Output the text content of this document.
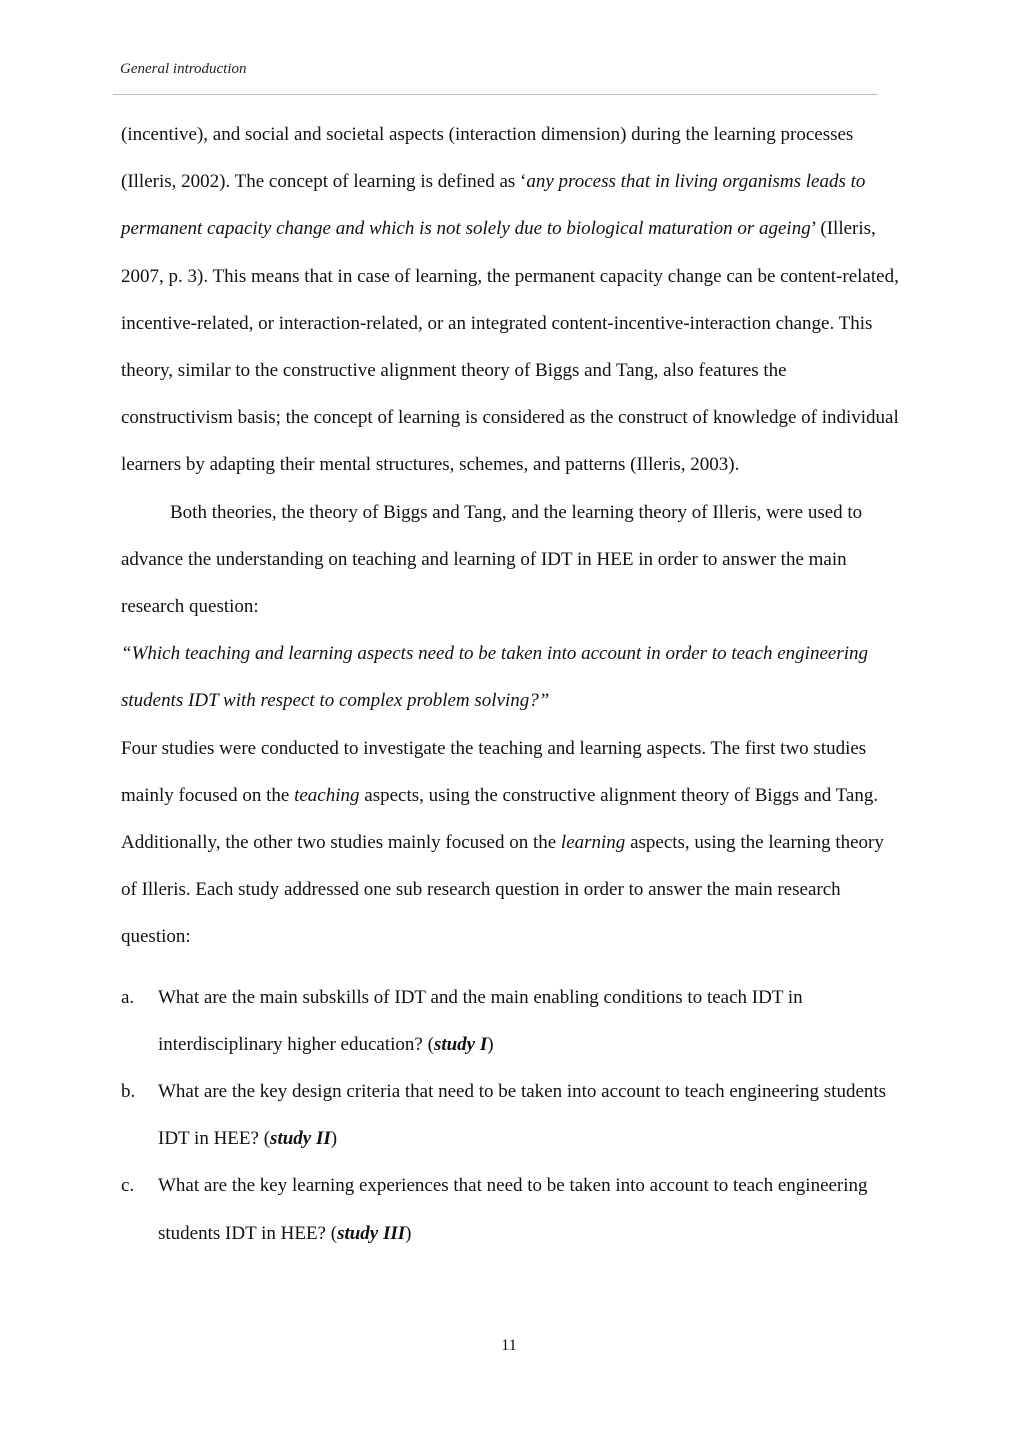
General introduction

(incentive), and social and societal aspects (interaction dimension) during the learning processes (Illeris, 2002). The concept of learning is defined as ‘any process that in living organisms leads to permanent capacity change and which is not solely due to biological maturation or ageing’ (Illeris, 2007, p. 3). This means that in case of learning, the permanent capacity change can be content-related, incentive-related, or interaction-related, or an integrated content-incentive-interaction change. This theory, similar to the constructive alignment theory of Biggs and Tang, also features the constructivism basis; the concept of learning is considered as the construct of knowledge of individual learners by adapting their mental structures, schemes, and patterns (Illeris, 2003).

Both theories, the theory of Biggs and Tang, and the learning theory of Illeris, were used to advance the understanding on teaching and learning of IDT in HEE in order to answer the main research question:

“Which teaching and learning aspects need to be taken into account in order to teach engineering students IDT with respect to complex problem solving?”

Four studies were conducted to investigate the teaching and learning aspects. The first two studies mainly focused on the teaching aspects, using the constructive alignment theory of Biggs and Tang. Additionally, the other two studies mainly focused on the learning aspects, using the learning theory of Illeris. Each study addressed one sub research question in order to answer the main research question:

a. What are the main subskills of IDT and the main enabling conditions to teach IDT in interdisciplinary higher education? (study I)
b. What are the key design criteria that need to be taken into account to teach engineering students IDT in HEE? (study II)
c. What are the key learning experiences that need to be taken into account to teach engineering students IDT in HEE? (study III)
11
